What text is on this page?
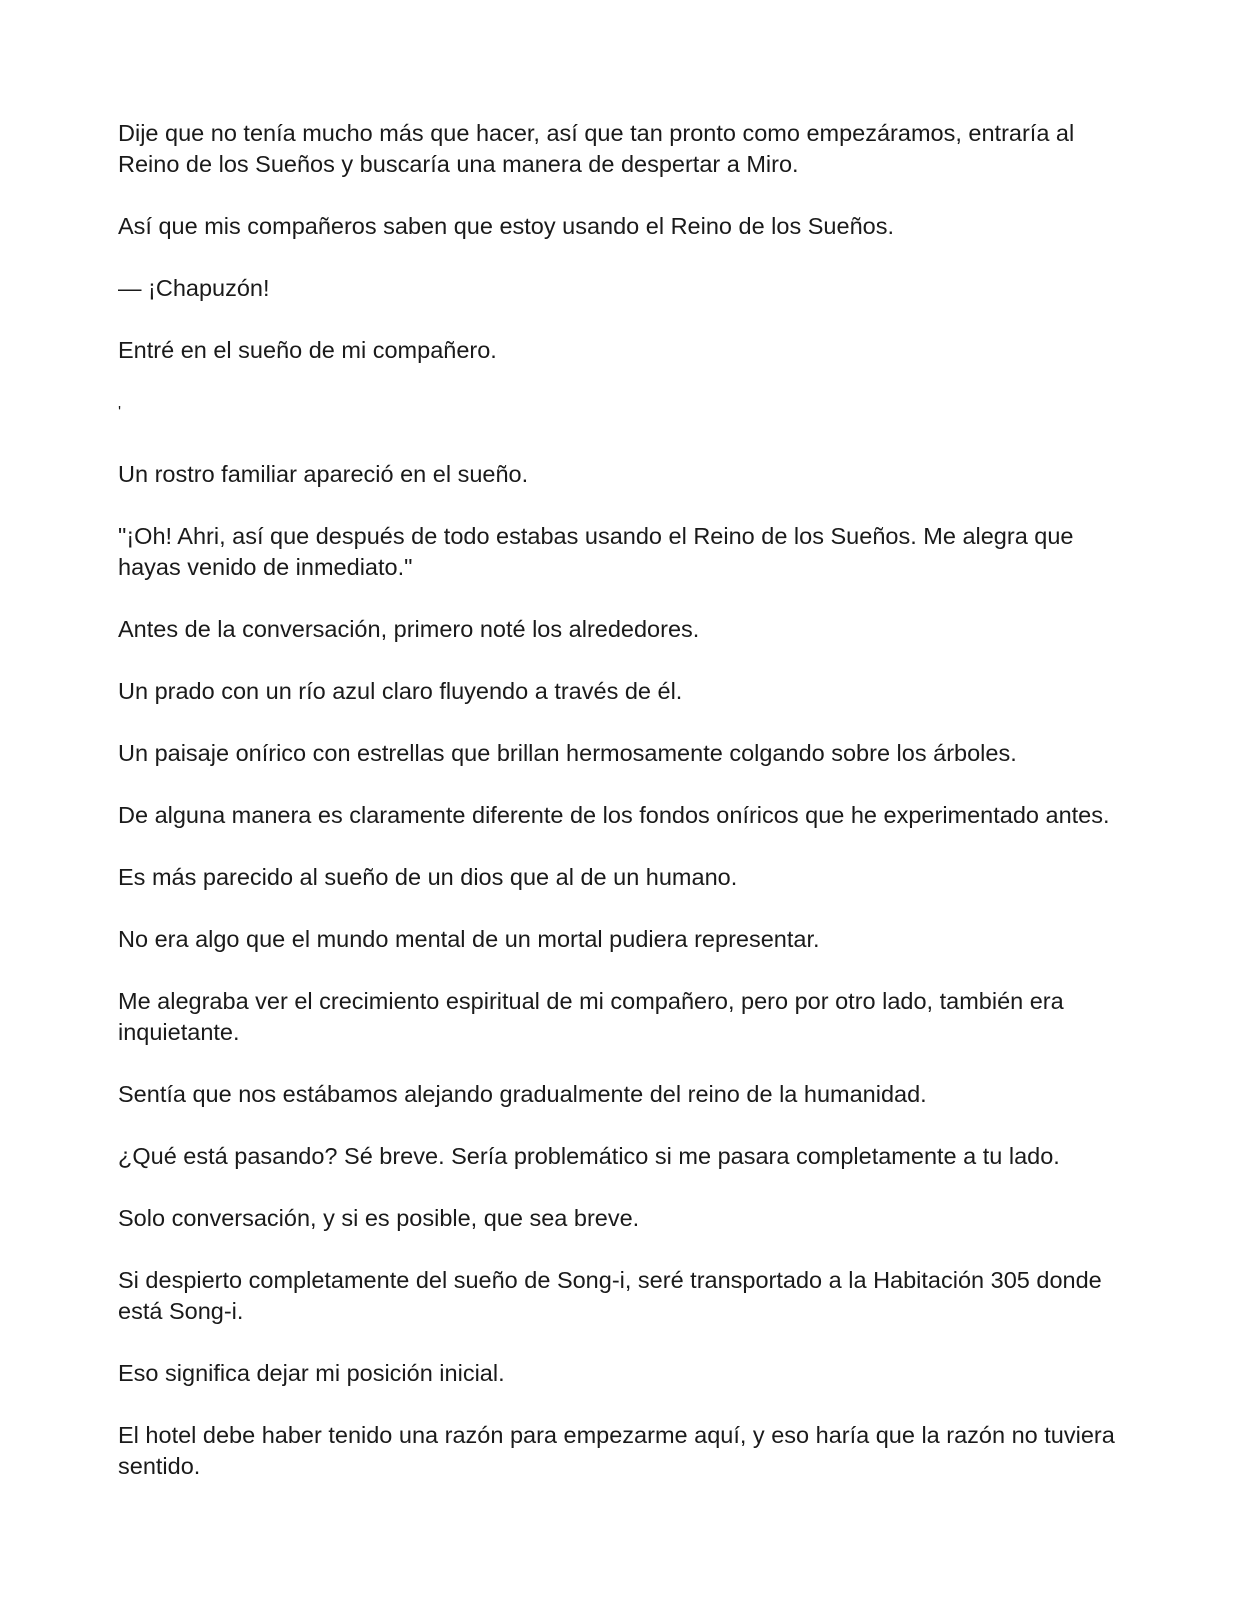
Dije que no tenía mucho más que hacer, así que tan pronto como empezáramos, entraría al Reino de los Sueños y buscaría una manera de despertar a Miro.

Así que mis compañeros saben que estoy usando el Reino de los Sueños.

— ¡Chapuzón!

Entré en el sueño de mi compañero.

'

Un rostro familiar apareció en el sueño.

"¡Oh! Ahri, así que después de todo estabas usando el Reino de los Sueños. Me alegra que hayas venido de inmediato."

Antes de la conversación, primero noté los alrededores.

Un prado con un río azul claro fluyendo a través de él.

Un paisaje onírico con estrellas que brillan hermosamente colgando sobre los árboles.

De alguna manera es claramente diferente de los fondos oníricos que he experimentado antes.

Es más parecido al sueño de un dios que al de un humano.

No era algo que el mundo mental de un mortal pudiera representar.

Me alegraba ver el crecimiento espiritual de mi compañero, pero por otro lado, también era inquietante.

Sentía que nos estábamos alejando gradualmente del reino de la humanidad.

¿Qué está pasando? Sé breve. Sería problemático si me pasara completamente a tu lado.

Solo conversación, y si es posible, que sea breve.

Si despierto completamente del sueño de Song-i, seré transportado a la Habitación 305 donde está Song-i.

Eso significa dejar mi posición inicial.

El hotel debe haber tenido una razón para empezarme aquí, y eso haría que la razón no tuviera sentido.
